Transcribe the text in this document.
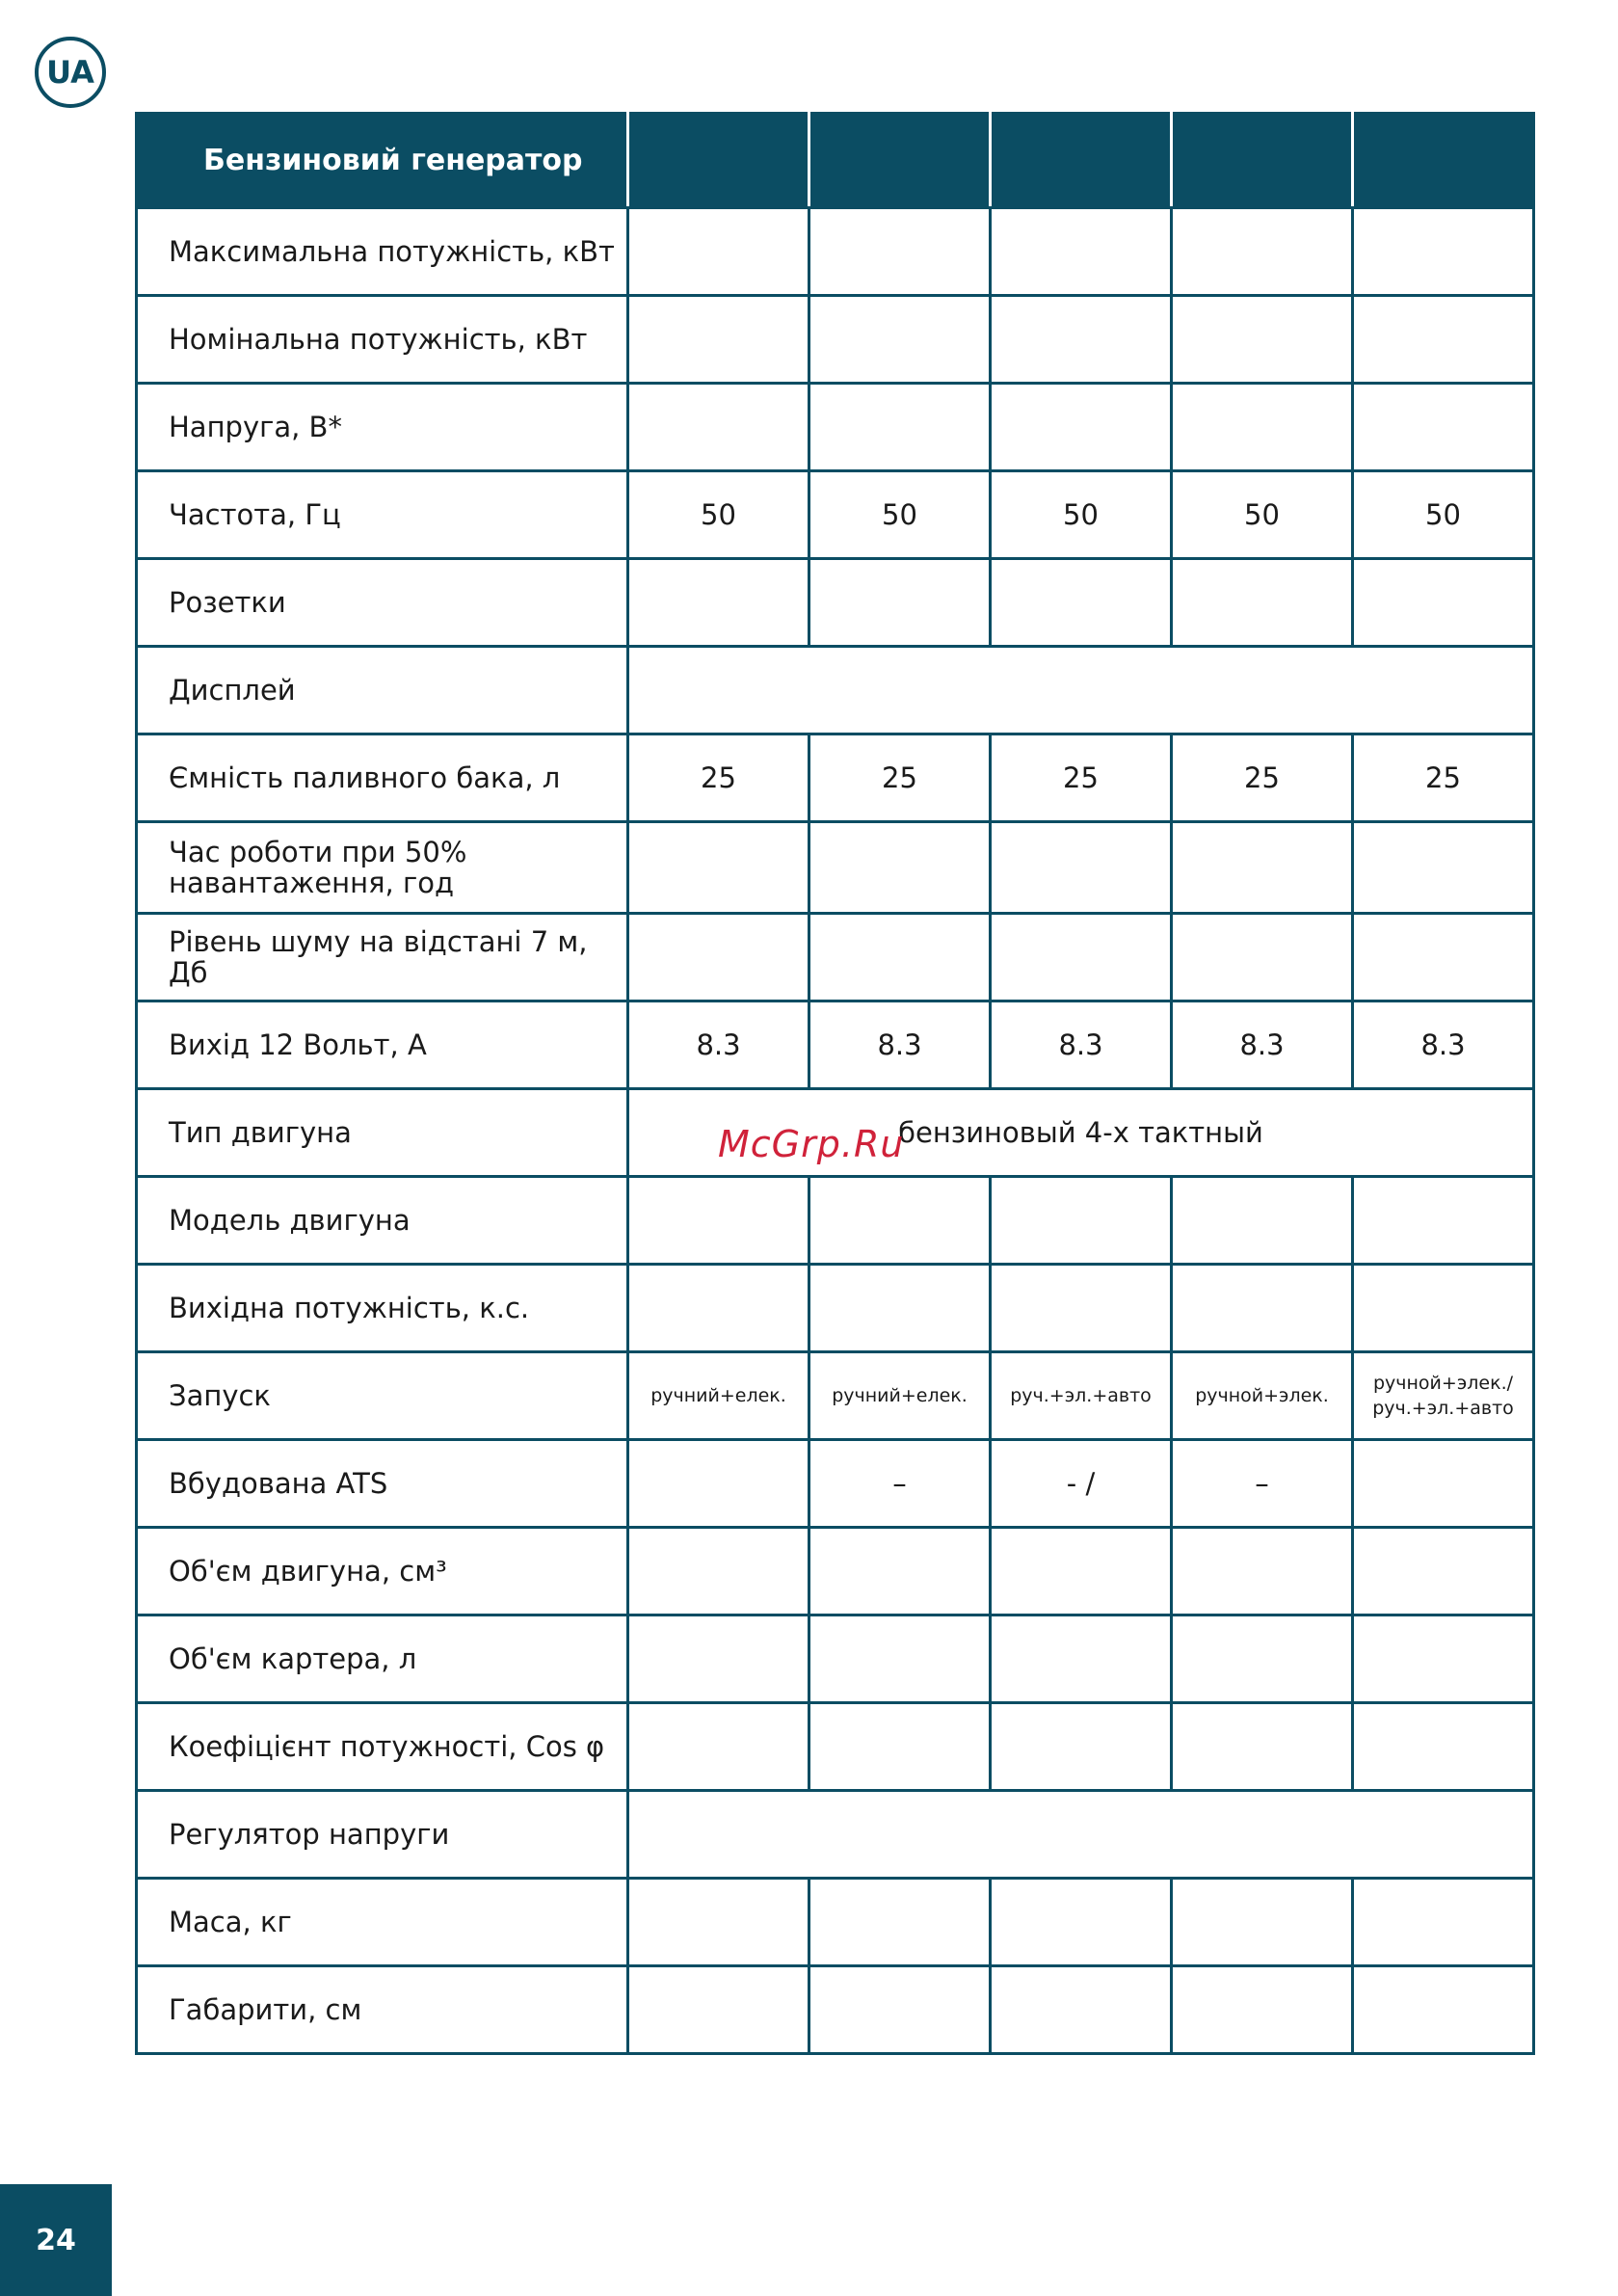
UA
Бензиновий генератор					
Максимальна потужність, кВт					
Номінальна потужність, кВт					
Напруга, В*					
Частота, Гц	50	50	50	50	50
Розетки					
Дисплей					
Ємність паливного бака, л	25	25	25	25	25
Час роботи при 50% навантаження, год					
Рівень шуму на відстані 7 м, Дб					
Вихід 12 Вольт, А	8.3	8.3	8.3	8.3	8.3
Тип двигуна	бензиновый 4-х тактный				
Модель двигуна					
Вихідна потужність, к.с.					
Запуск	ручний+елек.	ручний+елек.	руч.+эл.+авто	ручной+элек.	ручной+элек./ руч.+эл.+авто
Вбудована ATS		–	- /	–	
Об'єм двигуна, см³					
Об'єм картера, л					
Коефіцієнт потужності, Cos φ					
Регулятор напруги					
Маса, кг					
Габарити, см					
McGrp.Ru
24
